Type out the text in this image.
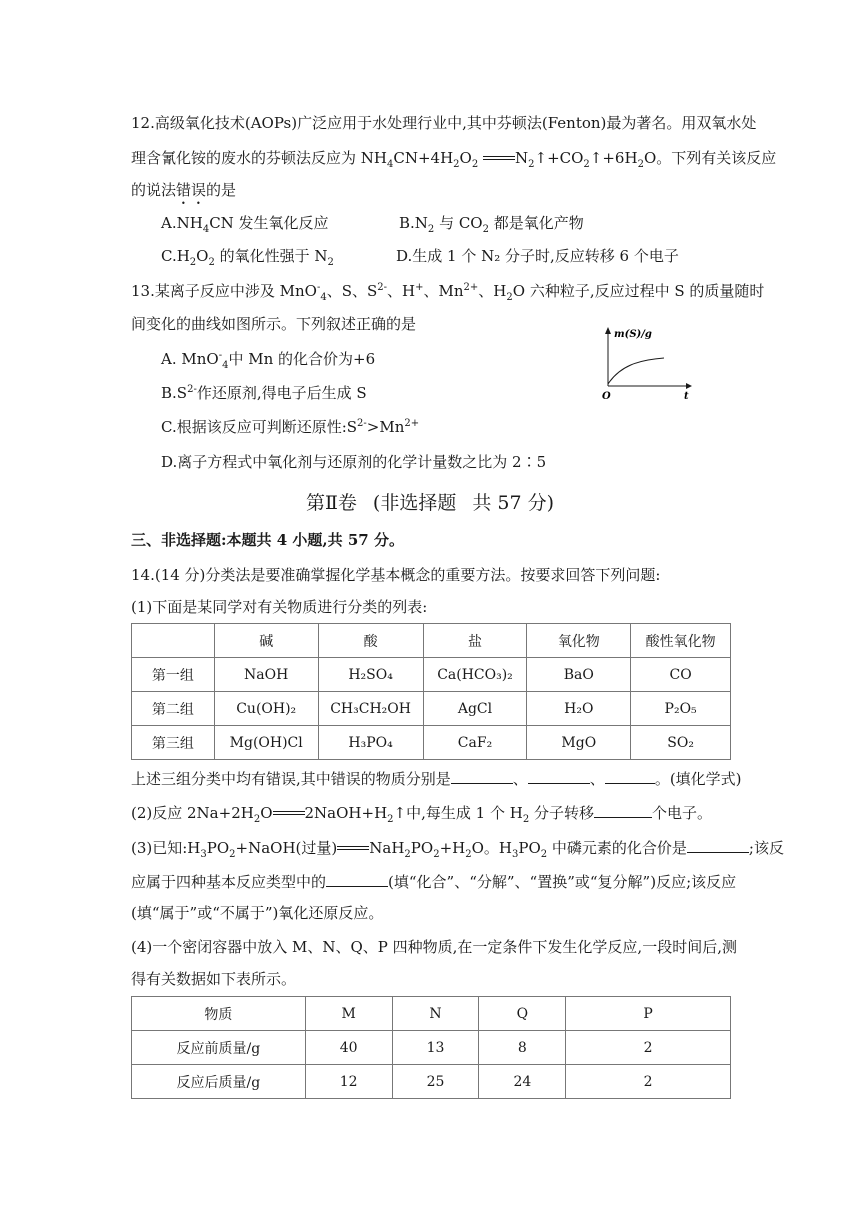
12.高级氧化技术(AOPs)广泛应用于水处理行业中,其中芬顿法(Fenton)最为著名。用双氧水处
理含氰化铵的废水的芬顿法反应为 $NH_4CN+4H_2O_2$ $N_2↑+CO_2↑+6H_2O$。下列有关该反应
的说法错误的是
$A.NH_4CN$ 发生氧化反应	$B.N_2$ 与 $CO_2$ 都是氧化产物
$C.H_2O_2$ 的氧化性强于 $N_2$	D.生成 1 个 N₂ 分子时,反应转移 6 个电子
13.某离子反应中涉及 MnO-$_4$、S、$S^{2-}$、H+、$Mn^{2+}$、$H_2O$ 六种粒子,反应过程中 S 的质量随时
间变化的曲线如图所示。下列叙述正确的是
A. MnO-$_4$中 Mn 的化合价为+6
$B.S^{2-}$作还原剂,得电子后生成 S
C.根据该反应可判断还原性$:S^{2-}>Mn^{2+}$
D.离子方程式中氧化剂与还原剂的化学计量数之比为 2∶5
m(S)/g
O	t
第Ⅱ卷 (非选择题 共 57 分)
三、非选择题:本题共 4 小题,共 57 分。
14.(14 分)分类法是要准确掌握化学基本概念的重要方法。按要求回答下列问题:
(1)下面是某同学对有关物质进行分类的列表:
	碱	酸	盐	氧化物	酸性氧化物
第一组	NaOH	H₂SO₄	Ca(HCO₃)₂	BaO	CO
第二组	Cu(OH)₂	CH₃CH₂OH	AgCl	H₂O	P₂O₅
第三组	Mg(OH)Cl	H₃PO₄	CaF₂	MgO	SO₂
上述三组分类中均有错误,其中错误的物质分别是	、	、	。(填化学式)
(2)反应 $2Na+2H_2O$ $2NaOH+H_2↑$中,每生成 1 个 $H_2$ 分子转移	个电子。
(3)已知$:H_3PO_2+NaOH$(过量) $NaH_2PO_2+H_2O$。$H_3PO_2$ 中磷元素的化合价是	;该反
应属于四种基本反应类型中的	(填“化合”、“分解”、“置换”或“复分解”)反应;该反应
(填“属于”或“不属于”)氧化还原反应。
(4)一个密闭容器中放入 M、N、Q、P 四种物质,在一定条件下发生化学反应,一段时间后,测
得有关数据如下表所示。
物质	M	N	Q	P
反应前质量/g	40	13	8	2
反应后质量/g	12	25	24	2
